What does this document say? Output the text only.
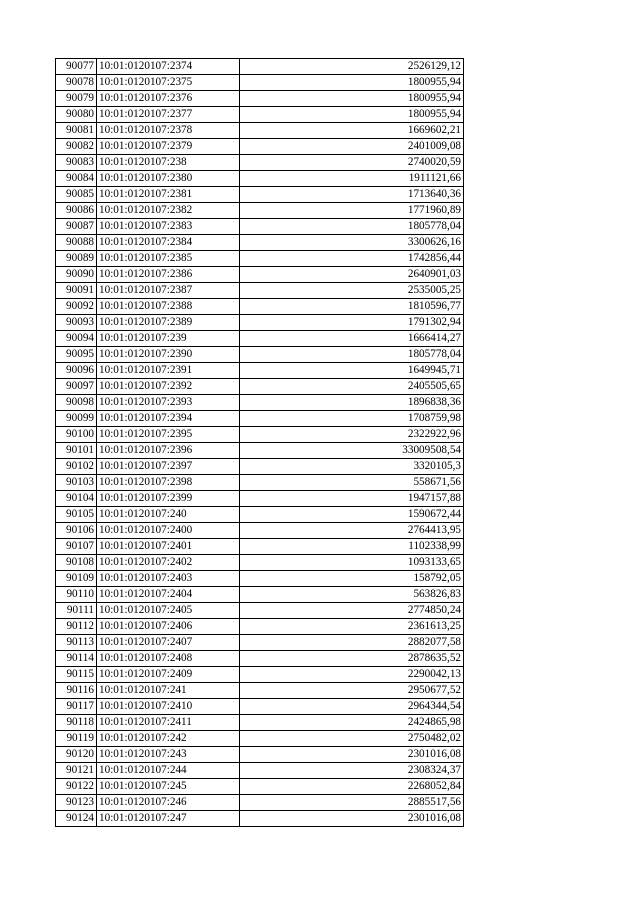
90077	10:01:0120107:2374	2526129,12
90078	10:01:0120107:2375	1800955,94
90079	10:01:0120107:2376	1800955,94
90080	10:01:0120107:2377	1800955,94
90081	10:01:0120107:2378	1669602,21
90082	10:01:0120107:2379	2401009,08
90083	10:01:0120107:238	2740020,59
90084	10:01:0120107:2380	1911121,66
90085	10:01:0120107:2381	1713640,36
90086	10:01:0120107:2382	1771960,89
90087	10:01:0120107:2383	1805778,04
90088	10:01:0120107:2384	3300626,16
90089	10:01:0120107:2385	1742856,44
90090	10:01:0120107:2386	2640901,03
90091	10:01:0120107:2387	2535005,25
90092	10:01:0120107:2388	1810596,77
90093	10:01:0120107:2389	1791302,94
90094	10:01:0120107:239	1666414,27
90095	10:01:0120107:2390	1805778,04
90096	10:01:0120107:2391	1649945,71
90097	10:01:0120107:2392	2405505,65
90098	10:01:0120107:2393	1896838,36
90099	10:01:0120107:2394	1708759,98
90100	10:01:0120107:2395	2322922,96
90101	10:01:0120107:2396	33009508,54
90102	10:01:0120107:2397	3320105,3
90103	10:01:0120107:2398	558671,56
90104	10:01:0120107:2399	1947157,88
90105	10:01:0120107:240	1590672,44
90106	10:01:0120107:2400	2764413,95
90107	10:01:0120107:2401	1102338,99
90108	10:01:0120107:2402	1093133,65
90109	10:01:0120107:2403	158792,05
90110	10:01:0120107:2404	563826,83
90111	10:01:0120107:2405	2774850,24
90112	10:01:0120107:2406	2361613,25
90113	10:01:0120107:2407	2882077,58
90114	10:01:0120107:2408	2878635,52
90115	10:01:0120107:2409	2290042,13
90116	10:01:0120107:241	2950677,52
90117	10:01:0120107:2410	2964344,54
90118	10:01:0120107:2411	2424865,98
90119	10:01:0120107:242	2750482,02
90120	10:01:0120107:243	2301016,08
90121	10:01:0120107:244	2308324,37
90122	10:01:0120107:245	2268052,84
90123	10:01:0120107:246	2885517,56
90124	10:01:0120107:247	2301016,08
